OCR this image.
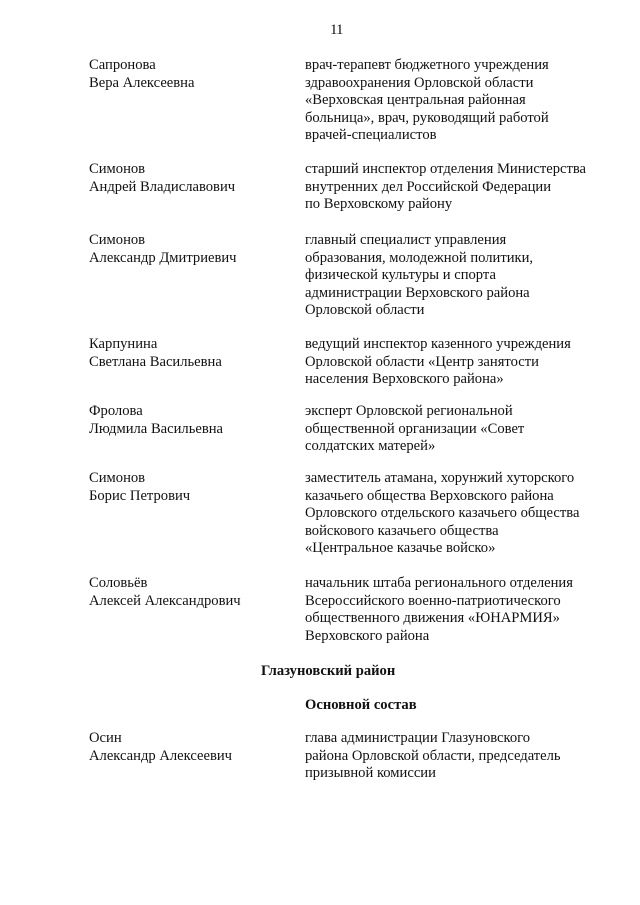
11
Сапронова
Вера Алексеевна
врач-терапевт бюджетного учреждения
здравоохранения Орловской области
«Верховская центральная районная
больница», врач, руководящий работой
врачей-специалистов
Симонов
Андрей Владиславович
старший инспектор отделения Министерства
внутренних дел Российской Федерации
по Верховскому району
Симонов
Александр Дмитриевич
главный специалист управления
образования, молодежной политики,
физической культуры и спорта
администрации Верховского района
Орловской области
Карпунина
Светлана Васильевна
ведущий инспектор казенного учреждения
Орловской области «Центр занятости
населения Верховского района»
Фролова
Людмила Васильевна
эксперт Орловской региональной
общественной организации «Совет
солдатских матерей»
Симонов
Борис Петрович
заместитель атамана, хорунжий хуторского
казачьего общества Верховского района
Орловского отдельского казачьего общества
войскового казачьего общества
«Центральное казачье войско»
Соловьёв
Алексей Александрович
начальник штаба регионального отделения
Всероссийского военно-патриотического
общественного движения «ЮНАРМИЯ»
Верховского района
Глазуновский район
Основной состав
Осин
Александр Алексеевич
глава администрации Глазуновского
района Орловской области, председатель
призывной комиссии
